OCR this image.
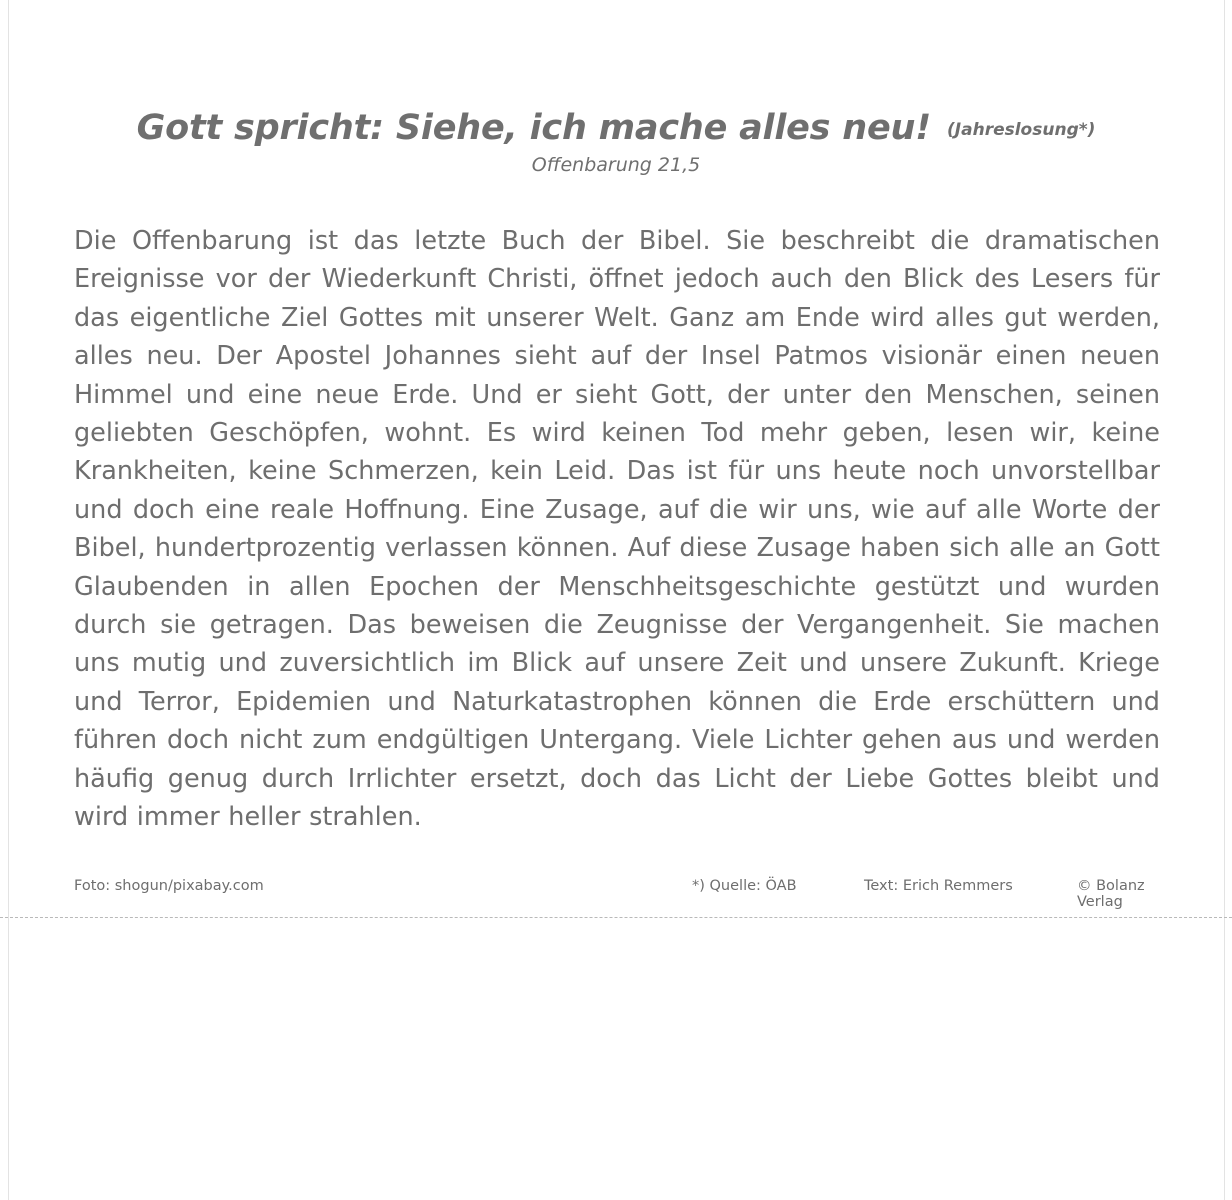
Gott spricht: Siehe, ich mache alles neu! (Jahreslosung*)
Offenbarung 21,5
Die Offenbarung ist das letzte Buch der Bibel. Sie beschreibt die dramatischen Ereignisse vor der Wiederkunft Christi, öffnet jedoch auch den Blick des Lesers für das eigentliche Ziel Gottes mit unserer Welt. Ganz am Ende wird alles gut werden, alles neu. Der Apostel Johannes sieht auf der Insel Patmos visionär einen neuen Himmel und eine neue Erde. Und er sieht Gott, der unter den Menschen, seinen geliebten Geschöpfen, wohnt. Es wird keinen Tod mehr geben, lesen wir, keine Krankheiten, keine Schmerzen, kein Leid. Das ist für uns heute noch unvorstellbar und doch eine reale Hoffnung. Eine Zusage, auf die wir uns, wie auf alle Worte der Bibel, hundertprozentig verlassen können. Auf diese Zusage haben sich alle an Gott Glaubenden in allen Epochen der Menschheitsgeschichte gestützt und wurden durch sie getragen. Das beweisen die Zeugnisse der Vergangenheit. Sie machen uns mutig und zuversichtlich im Blick auf unsere Zeit und unsere Zukunft. Kriege und Terror, Epidemien und Naturkatastrophen können die Erde erschüttern und führen doch nicht zum endgültigen Untergang. Viele Lichter gehen aus und werden häufig genug durch Irrlichter ersetzt, doch das Licht der Liebe Gottes bleibt und wird immer heller strahlen.
Foto: shogun/pixabay.com	*) Quelle: ÖAB	Text: Erich Remmers	© Bolanz Verlag
